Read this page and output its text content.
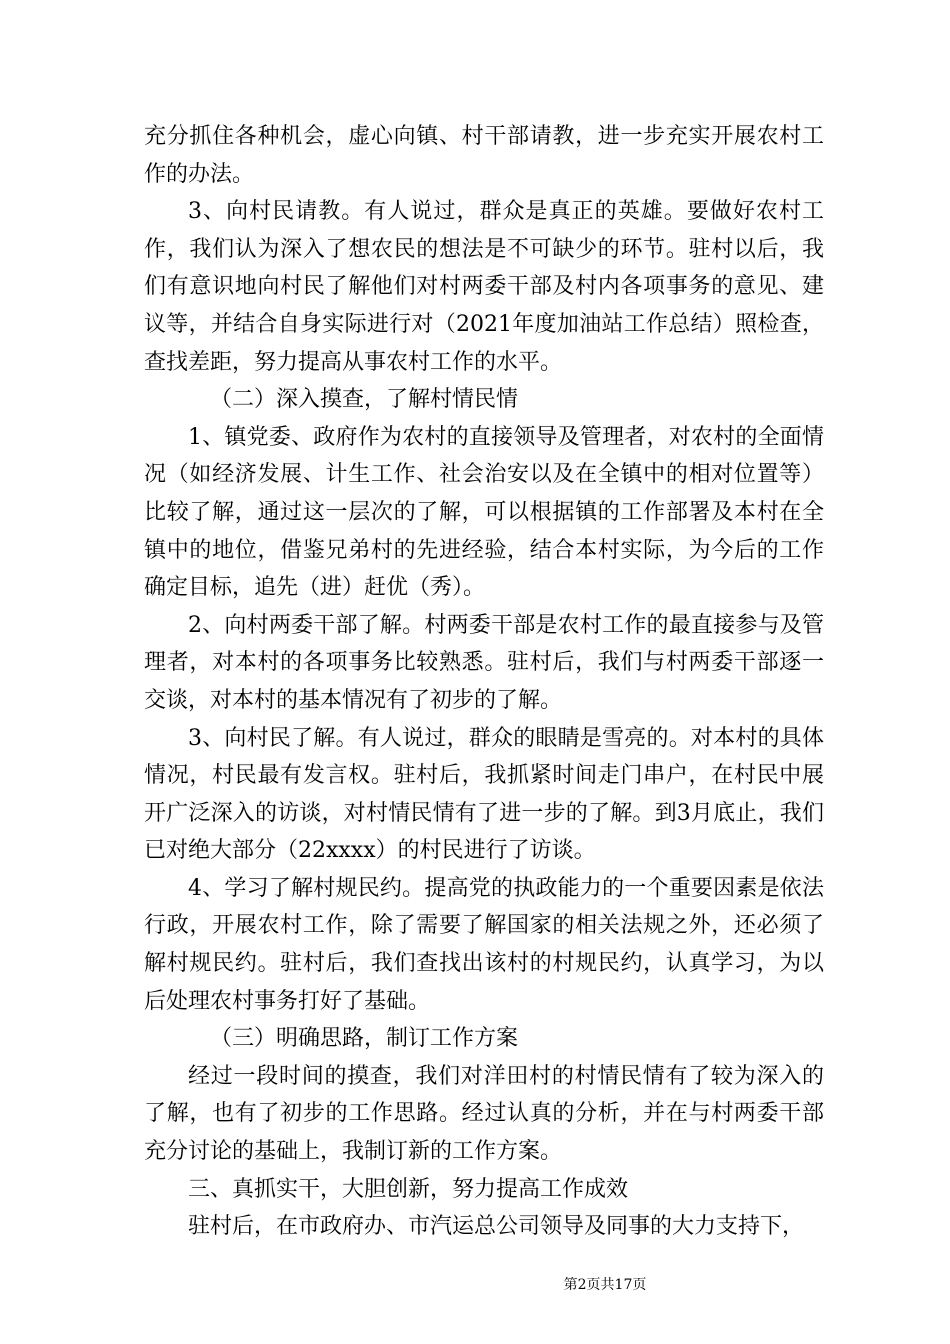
充分抓住各种机会，虚心向镇、村干部请教，进一步充实开展农村工作的办法。

3、向村民请教。有人说过，群众是真正的英雄。要做好农村工作，我们认为深入了想农民的想法是不可缺少的环节。驻村以后，我们有意识地向村民了解他们对村两委干部及村内各项事务的意见、建议等，并结合自身实际进行对（2021年度加油站工作总结）照检查，查找差距，努力提高从事农村工作的水平。

（二）深入摸查，了解村情民情

1、镇党委、政府作为农村的直接领导及管理者，对农村的全面情况（如经济发展、计生工作、社会治安以及在全镇中的相对位置等）比较了解，通过这一层次的了解，可以根据镇的工作部署及本村在全镇中的地位，借鉴兄弟村的先进经验，结合本村实际，为今后的工作确定目标，追先（进）赶优（秀）。

2、向村两委干部了解。村两委干部是农村工作的最直接参与及管理者，对本村的各项事务比较熟悉。驻村后，我们与村两委干部逐一交谈，对本村的基本情况有了初步的了解。

3、向村民了解。有人说过，群众的眼睛是雪亮的。对本村的具体情况，村民最有发言权。驻村后，我抓紧时间走门串户，在村民中展开广泛深入的访谈，对村情民情有了进一步的了解。到3月底止，我们已对绝大部分（22xxxx）的村民进行了访谈。

4、学习了解村规民约。提高党的执政能力的一个重要因素是依法行政，开展农村工作，除了需要了解国家的相关法规之外，还必须了解村规民约。驻村后，我们查找出该村的村规民约，认真学习，为以后处理农村事务打好了基础。

（三）明确思路，制订工作方案

经过一段时间的摸查，我们对洋田村的村情民情有了较为深入的了解，也有了初步的工作思路。经过认真的分析，并在与村两委干部充分讨论的基础上，我制订新的工作方案。

三、真抓实干，大胆创新，努力提高工作成效

驻村后，在市政府办、市汽运总公司领导及同事的大力支持下，

第2页共17页
